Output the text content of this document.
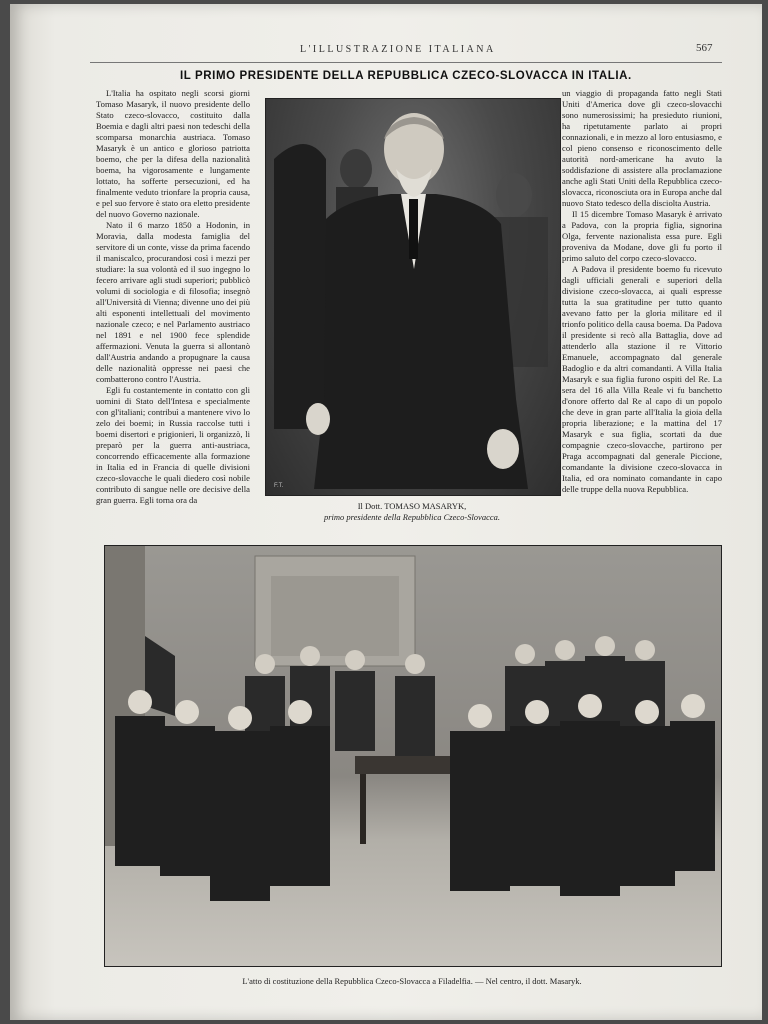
L'ILLUSTRAZIONE ITALIANA	567
IL PRIMO PRESIDENTE DELLA REPUBBLICA CZECO-SLOVACCA IN ITALIA.

L'Italia ha ospitato negli scorsi giorni Tomaso Masaryk, il nuovo presidente dello Stato czeco-slovacco, costituito dalla Boemia e dagli altri paesi non tedeschi della scomparsa monarchia austriaca. Tomaso Masaryk è un antico e glorioso patriotta boemo, che per la difesa della nazionalità boema, ha vigorosamente e lungamente lottato, ha sofferte persecuzioni, ed ha finalmente veduto trionfare la propria causa, e pel suo fervore è stato ora eletto presidente del nuovo Governo nazionale.

Nato il 6 marzo 1850 a Hodonin, in Moravia, dalla modesta famiglia del servitore di un conte, visse da prima facendo il maniscalco, procurandosi così i mezzi per studiare: la sua volontà ed il suo ingegno lo fecero arrivare agli studi superiori; pubblicò volumi di sociologia e di filosofia; insegnò all'Università di Vienna; divenne uno dei più alti esponenti intellettuali del movimento nazionale czeco; e nel Parlamento austriaco nel 1891 e nel 1900 fece splendide affermazioni. Venuta la guerra si allontanò dall'Austria andando a propugnare la causa delle nazionalità oppresse nei paesi che combatterono contro l'Austria.

Egli fu costantemente in contatto con gli uomini di Stato dell'Intesa e specialmente con gl'italiani; contribuì a mantenere vivo lo zelo dei boemi; in Russia raccolse tutti i boemi disertori e prigionieri, li organizzò, li preparò per la guerra anti-austriaca, concorrendo efficacemente alla formazione in Italia ed in Francia di quelle divisioni czeco-slovacche le quali diedero così nobile contributo di sangue nelle ore decisive della gran guerra. Egli torna ora da

F.T.
Il Dott. TOMASO MASARYK,
primo presidente della Repubblica Czeco-Slovacca.

un viaggio di propaganda fatto negli Stati Uniti d'America dove gli czeco-slovacchi sono numerosissimi; ha presieduto riunioni, ha ripetutamente parlato ai propri connazionali, e in mezzo al loro entusiasmo, e col pieno consenso e riconoscimento delle autorità nord-americane ha avuto la soddisfazione di assistere alla proclamazione anche agli Stati Uniti della Repubblica czeco-slovacca, riconosciuta ora in Europa anche dal nuovo Stato tedesco della disciolta Austria.

Il 15 dicembre Tomaso Masaryk è arrivato a Padova, con la propria figlia, signorina Olga, fervente nazionalista essa pure. Egli proveniva da Modane, dove gli fu porto il primo saluto del corpo czeco-slovacco.

A Padova il presidente boemo fu ricevuto dagli ufficiali generali e superiori della divisione czeco-slovacca, ai quali espresse tutta la sua gratitudine per tutto quanto avevano fatto per la gloria militare ed il trionfo politico della causa boema. Da Padova il presidente si recò alla Battaglia, dove ad attenderlo alla stazione il re Vittorio Emanuele, accompagnato dal generale Badoglio e da altri comandanti. A Villa Italia Masaryk e sua figlia furono ospiti del Re. La sera del 16 alla Villa Reale vi fu banchetto d'onore offerto dal Re al capo di un popolo che deve in gran parte all'Italia la gioia della propria liberazione; e la mattina del 17 Masaryk e sua figlia, scortati da due compagnie czeco-slovacche, partirono per Praga accompagnati dal generale Piccione, comandante la divisione czeco-slovacca in Italia, ed ora nominato comandante in capo delle truppe della nuova Repubblica.

L'atto di costituzione della Repubblica Czeco-Slovacca a Filadelfia. — Nel centro, il dott. Masaryk.
